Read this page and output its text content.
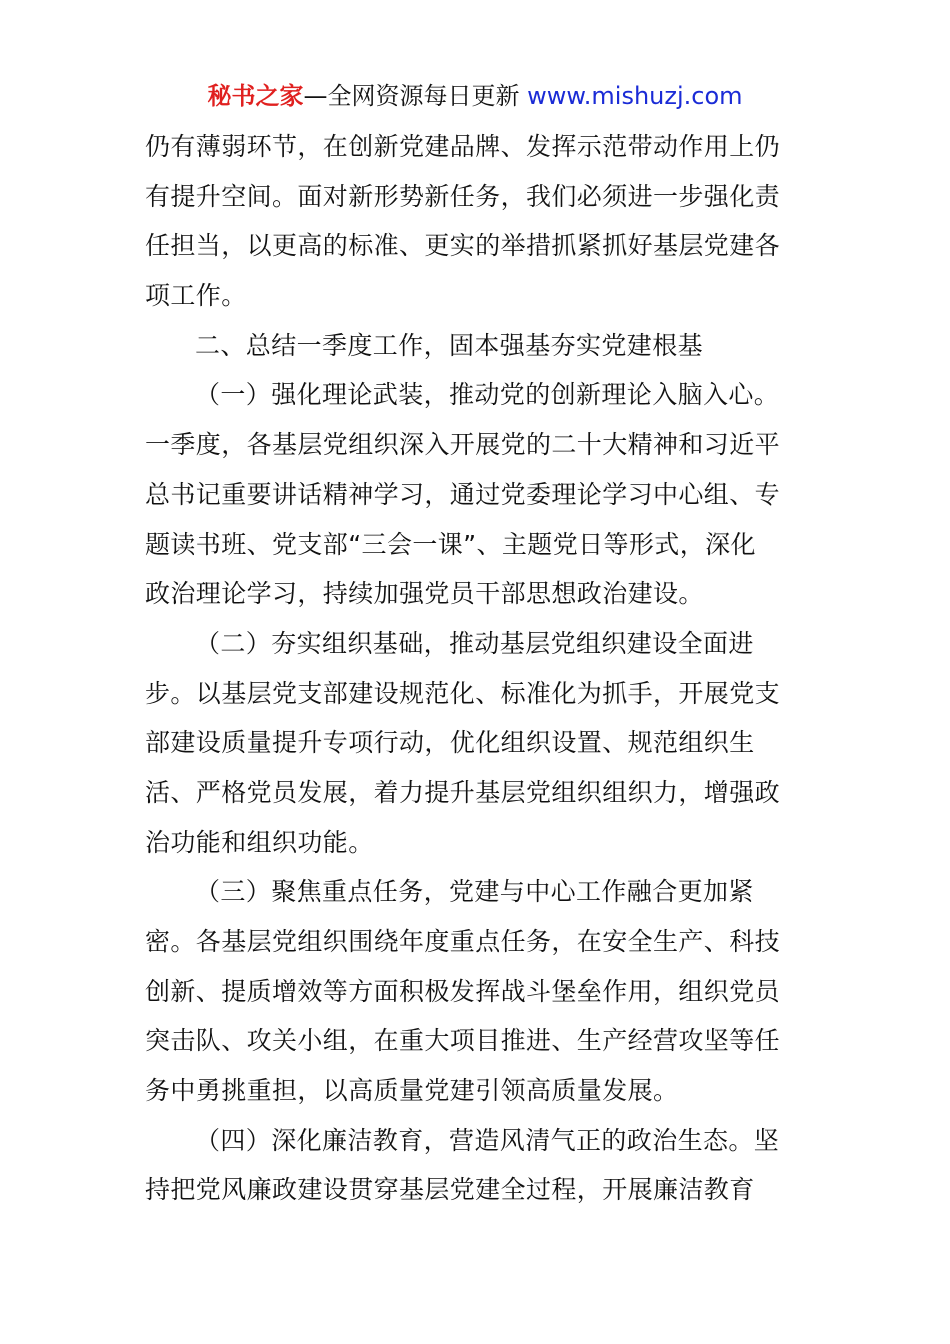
秘书之家—全网资源每日更新 www.mishuzj.com
仍有薄弱环节，在创新党建品牌、发挥示范带动作用上仍
有提升空间。面对新形势新任务，我们必须进一步强化责
任担当，以更高的标准、更实的举措抓紧抓好基层党建各
项工作。
二、总结一季度工作，固本强基夯实党建根基
（一）强化理论武装，推动党的创新理论入脑入心。
一季度，各基层党组织深入开展党的二十大精神和习近平
总书记重要讲话精神学习，通过党委理论学习中心组、专
题读书班、党支部“三会一课”、主题党日等形式，深化
政治理论学习，持续加强党员干部思想政治建设。
（二）夯实组织基础，推动基层党组织建设全面进
步。以基层党支部建设规范化、标准化为抓手，开展党支
部建设质量提升专项行动，优化组织设置、规范组织生
活、严格党员发展，着力提升基层党组织组织力，增强政
治功能和组织功能。
（三）聚焦重点任务，党建与中心工作融合更加紧
密。各基层党组织围绕年度重点任务，在安全生产、科技
创新、提质增效等方面积极发挥战斗堡垒作用，组织党员
突击队、攻关小组，在重大项目推进、生产经营攻坚等任
务中勇挑重担，以高质量党建引领高质量发展。
（四）深化廉洁教育，营造风清气正的政治生态。坚
持把党风廉政建设贯穿基层党建全过程，开展廉洁教育
